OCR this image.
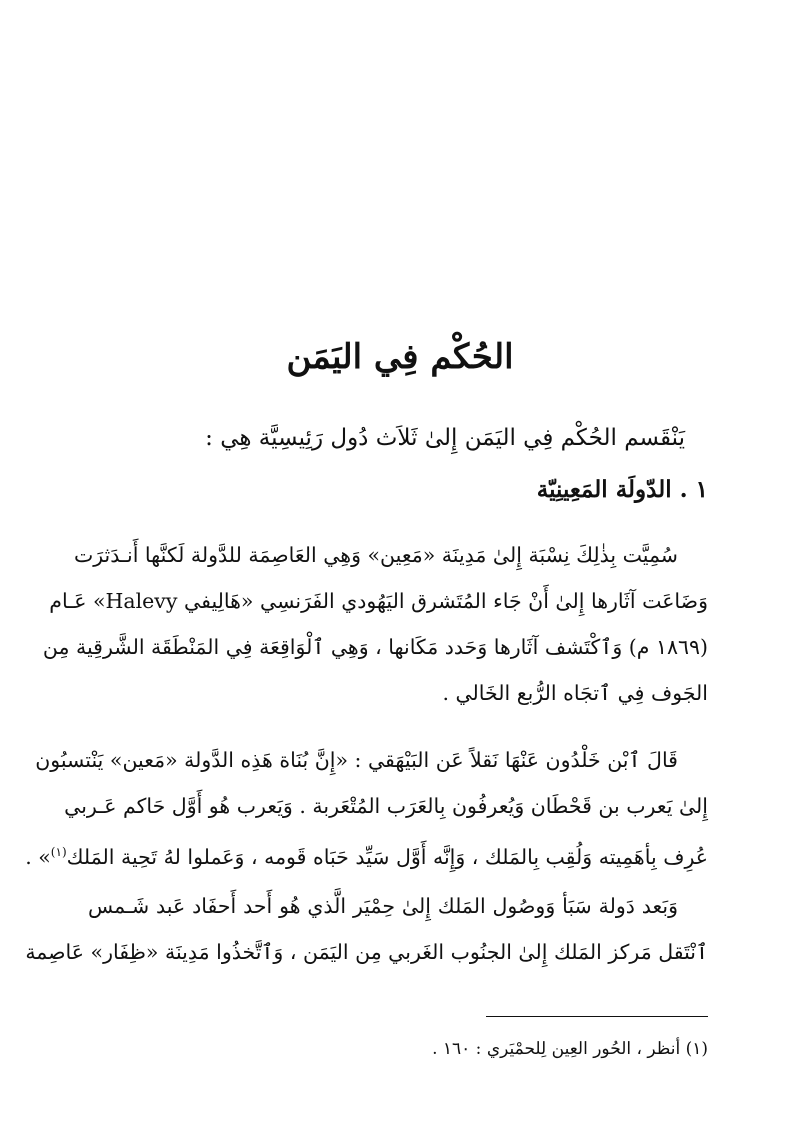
الحُكْم فِي اليَمَن
يَنْقَسم الحُكْم فِي اليَمَن إِلىٰ ثَلاَث دُول رَئِيسِيَّة هِي :
١ . الدّولَة المَعِينِيّة
سُمِيَّت بِذٰلِكَ نِسْبَة إِلىٰ مَدِينَة «مَعِين» وَهِي العَاصِمَة للدَّولة لَكنَّها أَنـدَثرَت
وَضَاعَت آثَارها إِلىٰ أَنْ جَاء المُتَشرق اليَهُودي الفَرَنسِي «هَالِيفي Halevy» عَـام
(١٨٦٩ م) وَٱكْتَشف آثَارها وَحَدد مَكَانها ، وَهِي ٱلْوَاقِعَة فِي المَنْطَقَة الشَّرقِية مِن
الجَوف فِي ٱتجَاه الرُّبع الخَالي .
قَالَ ٱبْن خَلْدُون عَنْهَا نَقلاً عَن البَيْهَقي : «إِنَّ بُنَاة هَذِه الدَّولة «مَعين» يَنْتسبُون
إِلىٰ يَعرب بن قَحْطَان وَيُعرفُون بِالعَرَب المُتْعَربة . وَيَعرب هُو أَوَّل حَاكم عَـربي
عُرِف بِأهَمِيته وَلُقِب بِالمَلك ، وَإِنَّه أَوَّل سَيِّد حَبَاه قَومه ، وَعَملوا لهُ تَحِية المَلك$^{(١)}$» .
وَبَعد دَولة سَبَأ وَوصُول المَلك إِلىٰ حِمْيَر الَّذي هُو أَحد أَحفَاد عَبد شَـمس
ٱنْتَقل مَركز المَلك إِلىٰ الجنُوب الغَربي مِن اليَمَن ، وَٱتَّخذُوا مَدِينَة «ظِفَار» عَاصِمة
(١) أنظر ، الحُور العِين لِلحمْيَري : ١٦٠ .
